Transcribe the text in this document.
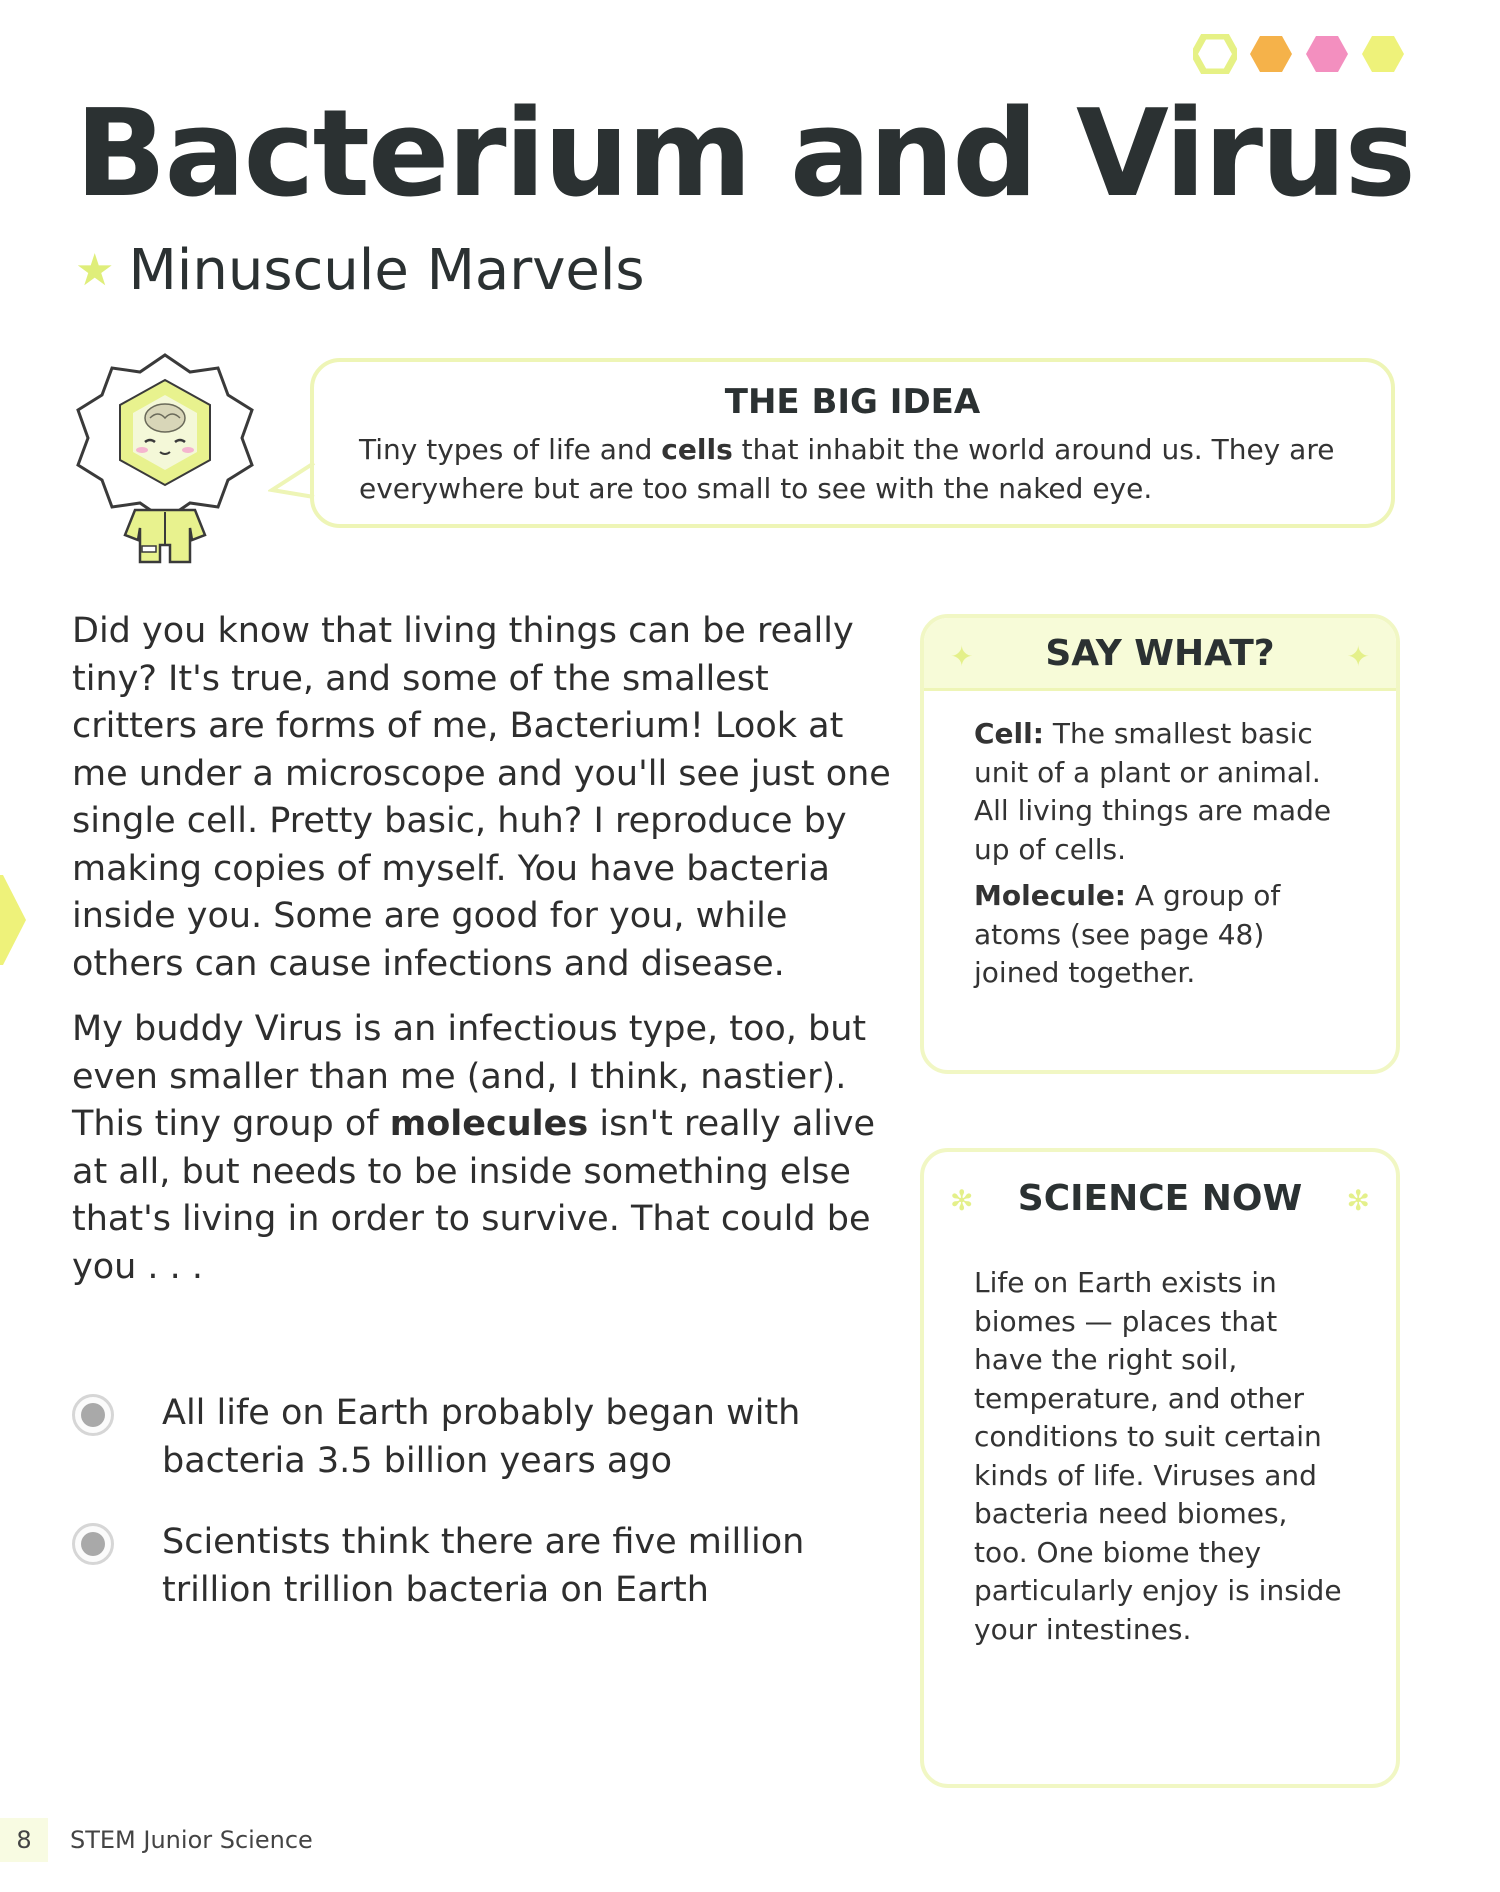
Bacterium and Virus
★ Minuscule Marvels
THE BIG IDEA

Tiny types of life and cells that inhabit the world around us. They are everywhere but are too small to see with the naked eye.

Did you know that living things can be really tiny? It's true, and some of the smallest critters are forms of me, Bacterium! Look at me under a microscope and you'll see just one single cell. Pretty basic, huh? I reproduce by making copies of myself. You have bacteria inside you. Some are good for you, while others can cause infections and disease.

My buddy Virus is an infectious type, too, but even smaller than me (and, I think, nastier). This tiny group of molecules isn't really alive at all, but needs to be inside something else that's living in order to survive. That could be you . . .

All life on Earth probably began with bacteria 3.5 billion years ago
Scientists think there are five million trillion trillion bacteria on Earth
✦ SAY WHAT?	✦

Cell: The smallest basic unit of a plant or animal. All living things are made up of cells.

Molecule: A group of atoms (see page 48) joined together.

✻ SCIENCE NOW ✻

Life on Earth exists in biomes — places that have the right soil, temperature, and other conditions to suit certain kinds of life. Viruses and bacteria need biomes, too. One biome they particularly enjoy is inside your intestines.

8	STEM Junior Science
